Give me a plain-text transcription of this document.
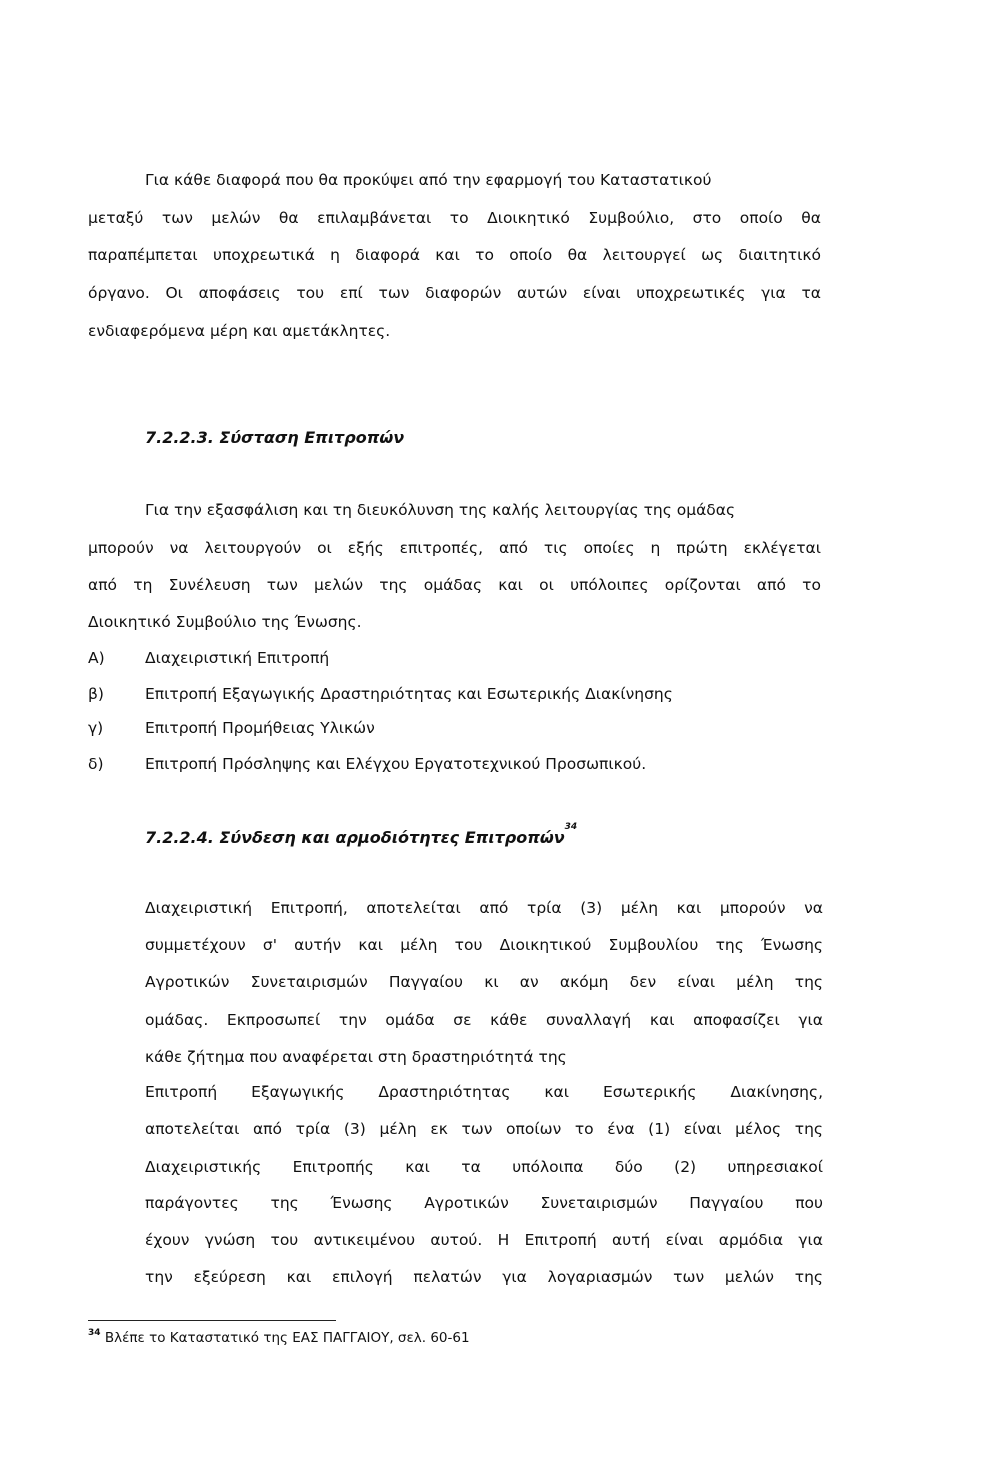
Για κάθε διαφορά που θα προκύψει από την εφαρμογή του Καταστατικού
μεταξύ των μελών θα επιλαμβάνεται το Διοικητικό Συμβούλιο, στο οποίο θα
παραπέμπεται υποχρεωτικά η διαφορά και το οποίο θα λειτουργεί ως διαιτητικό
όργανο. Οι αποφάσεις του επί των διαφορών αυτών είναι υποχρεωτικές για τα
ενδιαφερόμενα μέρη και αμετάκλητες.
7.2.2.3. Σύσταση Επιτροπών
Για την εξασφάλιση και τη διευκόλυνση της καλής λειτουργίας της ομάδας
μπορούν να λειτουργούν οι εξής επιτροπές, από τις οποίες η πρώτη εκλέγεται
από τη Συνέλευση των μελών της ομάδας και οι υπόλοιπες ορίζονται από το
Διοικητικό Συμβούλιο της Ένωσης.
Α)	Διαχειριστική Επιτροπή
β)	Επιτροπή Εξαγωγικής Δραστηριότητας και Εσωτερικής Διακίνησης
γ)	Επιτροπή Προμήθειας Υλικών
δ)	Επιτροπή Πρόσληψης και Ελέγχου Εργατοτεχνικού Προσωπικού.
7.2.2.4. Σύνδεση και αρμοδιότητες Επιτροπών$^{34}$
Διαχειριστική Επιτροπή, αποτελείται από τρία (3) μέλη και μπορούν να
συμμετέχουν σ' αυτήν και μέλη του Διοικητικού Συμβουλίου της Ένωσης
Αγροτικών Συνεταιρισμών Παγγαίου κι αν ακόμη δεν είναι μέλη της
ομάδας. Εκπροσωπεί την ομάδα σε κάθε συναλλαγή και αποφασίζει για
κάθε ζήτημα που αναφέρεται στη δραστηριότητά της
Επιτροπή Εξαγωγικής Δραστηριότητας και Εσωτερικής Διακίνησης,
αποτελείται από τρία (3) μέλη εκ των οποίων το ένα (1) είναι μέλος της
Διαχειριστικής Επιτροπής και τα υπόλοιπα δύο (2) υπηρεσιακοί
παράγοντες της Ένωσης Αγροτικών Συνεταιρισμών Παγγαίου που
έχουν γνώση του αντικειμένου αυτού. Η Επιτροπή αυτή είναι αρμόδια για
την εξεύρεση και επιλογή πελατών για λογαριασμών των μελών της
$^{34}$ Βλέπε το Καταστατικό της ΕΑΣ ΠΑΓΓΑΙΟΥ, σελ. 60-61
